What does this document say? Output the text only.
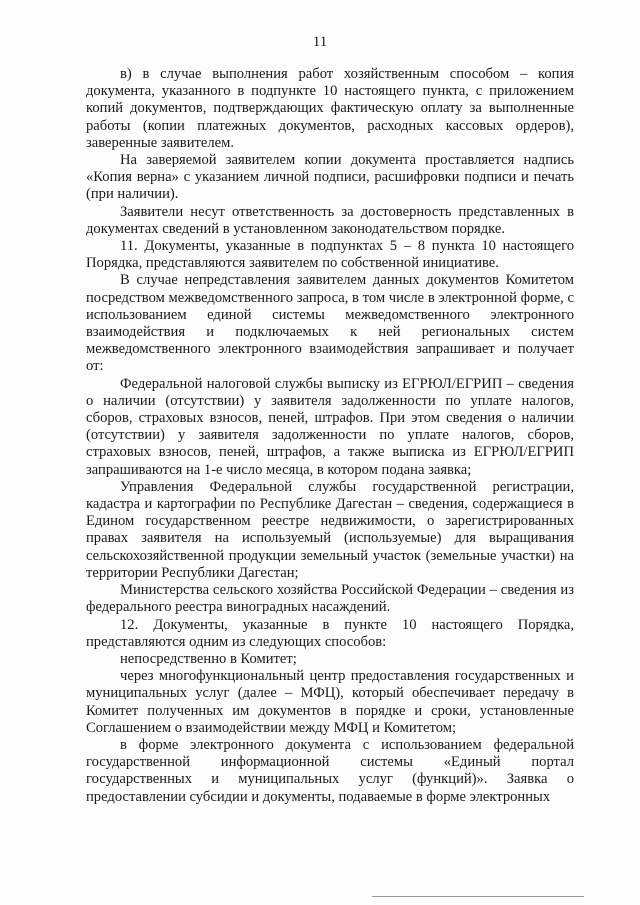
11

в) в случае выполнения работ хозяйственным способом – копия документа, указанного в подпункте 10 настоящего пункта, с приложением копий документов, подтверждающих фактическую оплату за выполненные работы (копии платежных документов, расходных кассовых ордеров), заверенные заявителем.

На заверяемой заявителем копии документа проставляется надпись «Копия верна» с указанием личной подписи, расшифровки подписи и печать (при наличии).

Заявители несут ответственность за достоверность представленных в документах сведений в установленном законодательством порядке.

11. Документы, указанные в подпунктах 5 – 8 пункта 10 настоящего Порядка, представляются заявителем по собственной инициативе.

В случае непредставления заявителем данных документов Комитетом посредством межведомственного запроса, в том числе в электронной форме, с использованием единой системы межведомственного электронного взаимодействия и подключаемых к ней региональных систем межведомственного электронного взаимодействия запрашивает и получает от:

Федеральной налоговой службы выписку из ЕГРЮЛ/ЕГРИП – сведения о наличии (отсутствии) у заявителя задолженности по уплате налогов, сборов, страховых взносов, пеней, штрафов. При этом сведения о наличии (отсутствии) у заявителя задолженности по уплате налогов, сборов, страховых взносов, пеней, штрафов, а также выписка из ЕГРЮЛ/ЕГРИП запрашиваются на 1-е число месяца, в котором подана заявка;

Управления Федеральной службы государственной регистрации, кадастра и картографии по Республике Дагестан – сведения, содержащиеся в Едином государственном реестре недвижимости, о зарегистрированных правах заявителя на используемый (используемые) для выращивания сельскохозяйственной продукции земельный участок (земельные участки) на территории Республики Дагестан;

Министерства сельского хозяйства Российской Федерации – сведения из федерального реестра виноградных насаждений.

12. Документы, указанные в пункте 10 настоящего Порядка, представляются одним из следующих способов:

непосредственно в Комитет;

через многофункциональный центр предоставления государственных и муниципальных услуг (далее – МФЦ), который обеспечивает передачу в Комитет полученных им документов в порядке и сроки, установленные Соглашением о взаимодействии между МФЦ и Комитетом;

в форме электронного документа с использованием федеральной государственной информационной системы «Единый портал государственных и муниципальных услуг (функций)». Заявка о предоставлении субсидии и документы, подаваемые в форме электронных
